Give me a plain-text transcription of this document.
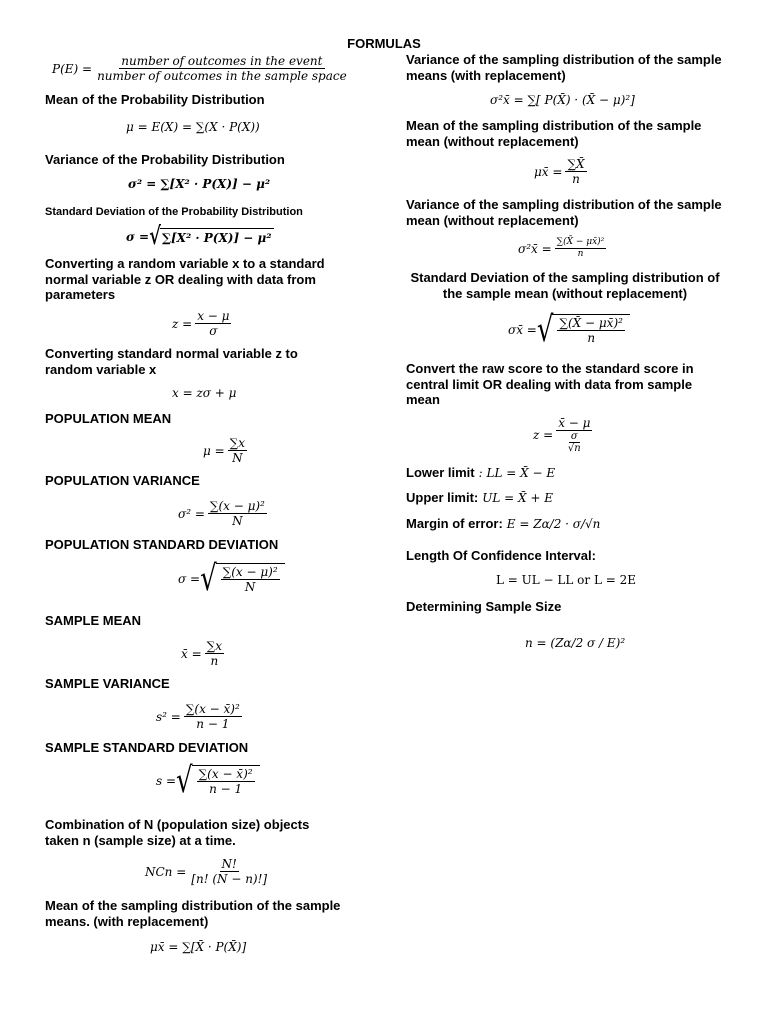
FORMULAS
$P(E) = \frac{\text{number of outcomes in the event}}{\text{number of outcomes in the sample space}}$
Mean of the Probability Distribution
μ = E(X) = ∑(X · P(X))
Variance of the Probability Distribution
σ² = ∑[X² · P(X)] − μ²
Standard Deviation of the Probability Distribution
σ = √ ∑[X² · P(X)] − μ²
Converting a random variable x to a standard normal variable z OR dealing with data from parameters
$z = \frac{x - \mu}{\sigma}$
Converting standard normal variable z to random variable x
x = zσ + μ
POPULATION MEAN
$\mu = \frac{\sum x}{N}$
POPULATION VARIANCE
$\sigma^2 = \frac{\text{∑(x − μ)²}}{N}$
POPULATION STANDARD DEVIATION
σ = √ $\frac{\text{∑(x − μ)²}}{N}$
SAMPLE MEAN
x̄ = $\frac{\sum x}{n}$
SAMPLE VARIANCE
$s^2 = \frac{\text{∑(x − x̄)²}}{n - 1}$
SAMPLE STANDARD DEVIATION
s = √ $\frac{\text{∑(x − x̄)²}}{n - 1}$
Combination of N (population size) objects taken n (sample size) at a time.
NCn = $\frac{N!}{[n! (N - n)!]}$
Mean of the sampling distribution of the sample means. (with replacement)
μx̄ = ∑[X̄ · P(X̄)]
Variance of the sampling distribution of the sample means (with replacement)
σ²x̄ = ∑[ P(X̄) · (X̄ − μ)²]
Mean of the sampling distribution of the sample mean (without replacement)
μx̄ = $\frac{\sum X̄}{n}$
Variance of the sampling distribution of the sample mean (without replacement)
σ²x̄ = $\frac{\text{∑(X̄ − μx̄)²}}{n}$
Standard Deviation of the sampling distribution of the sample mean (without replacement)
σx̄ = √ $\frac{\text{∑(X̄ − μx̄)²}}{n}$
Convert the raw score to the standard score in central limit OR dealing with data from sample mean
$z = \frac{x̄ - \mu}{\frac{\sigma}{√n}}$
Lower limit : LL = X̄ − E
Upper limit: UL = X̄ + E
Margin of error: E = Zα/2 · σ/√n
Length Of Confidence Interval:
L = UL − LL or L = 2E
Determining Sample Size
n = (Zα/2 σ / E)²
